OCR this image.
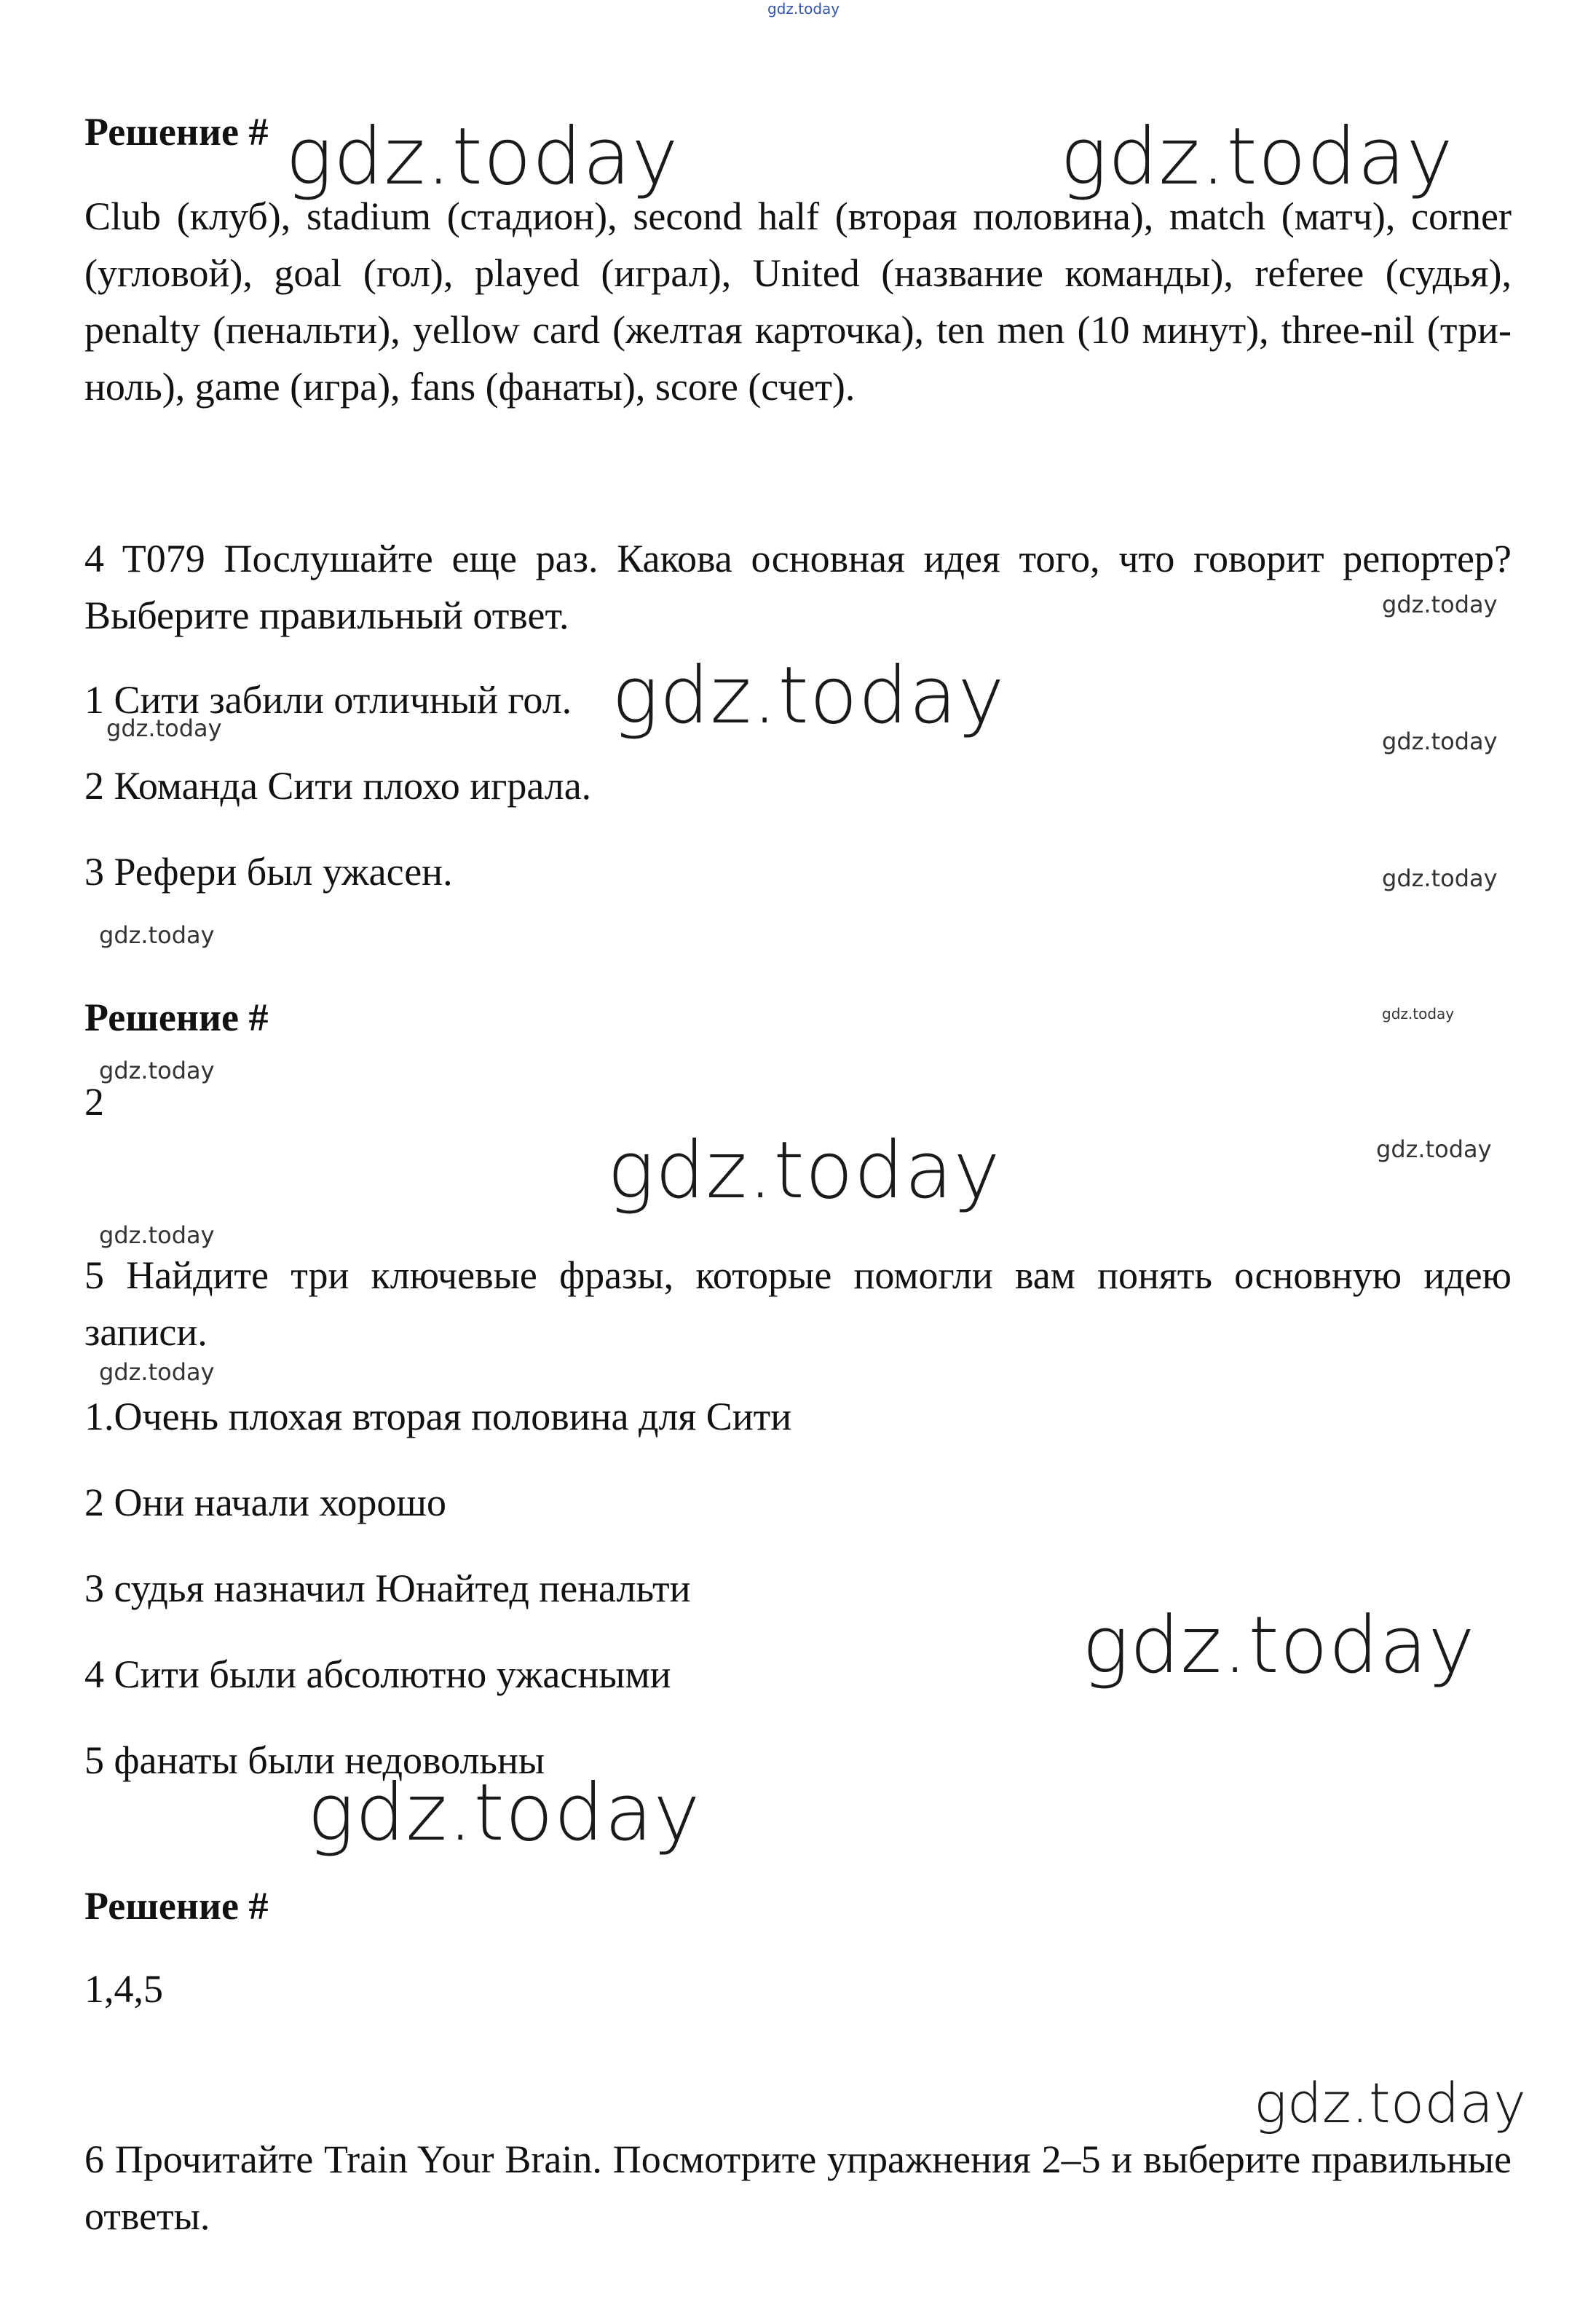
Решение #

Club (клуб), stadium (стадион), second half (вторая половина), match (матч), corner (угловой), goal (гол), played (играл), United (название команды), referee (судья), penalty (пенальти), yellow card (желтая карточка), ten men (10 минут), three-nil (три-ноль), game (игра), fans (фанаты), score (счет).

4 T079 Послушайте еще раз. Какова основная идея того, что говорит репортер? Выберите правильный ответ.

1 Сити забили отличный гол.

2 Команда Сити плохо играла.

3 Рефери был ужасен.

Решение #

2

5 Найдите три ключевые фразы, которые помогли вам понять основную идею записи.

1.Очень плохая вторая половина для Сити

2 Они начали хорошо

3 судья назначил Юнайтед пенальти

4 Сити были абсолютно ужасными

5 фанаты были недовольны

Решение #

1,4,5

6 Прочитайте Train Your Brain. Посмотрите упражнения 2–5 и выберите правильные ответы.

gdz.today
gdz.today	gdz.today
gdz.today
gdz.today
gdz.today
gdz.today
gdz.today
gdz.today
gdz.today	gdz.today
gdz.today
gdz.today
gdz.today
gdz.today
gdz.today
gdz.today
gdz.today
